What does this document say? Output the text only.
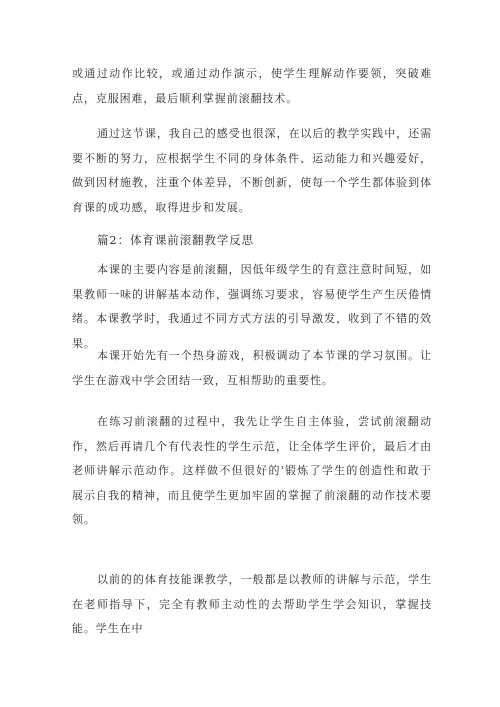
或通过动作比较，或通过动作演示，使学生理解动作要领，突破难点，克服困难，最后顺利掌握前滚翻技术。

通过这节课，我自己的感受也很深，在以后的教学实践中，还需要不断的努力，应根据学生不同的身体条件、运动能力和兴趣爱好，做到因材施教，注重个体差异，不断创新，使每一个学生都体验到体育课的成功感，取得进步和发展。

篇2：体育课前滚翻教学反思

本课的主要内容是前滚翻，因低年级学生的有意注意时间短，如果教师一味的讲解基本动作，强调练习要求，容易使学生产生厌倦情绪。本课教学时，我通过不同方式方法的引导激发，收到了不错的效果。

本课开始先有一个热身游戏，积极调动了本节课的学习氛围。让学生在游戏中学会团结一致，互相帮助的重要性。

在练习前滚翻的过程中，我先让学生自主体验，尝试前滚翻动作，然后再请几个有代表性的学生示范，让全体学生评价，最后才由老师讲解示范动作。这样做不但很好的'锻炼了学生的创造性和敢于展示自我的精神，而且使学生更加牢固的掌握了前滚翻的动作技术要领。

以前的的体育技能课教学，一般都是以教师的讲解与示范，学生在老师指导下，完全有教师主动性的去帮助学生学会知识，掌握技能。学生在中
